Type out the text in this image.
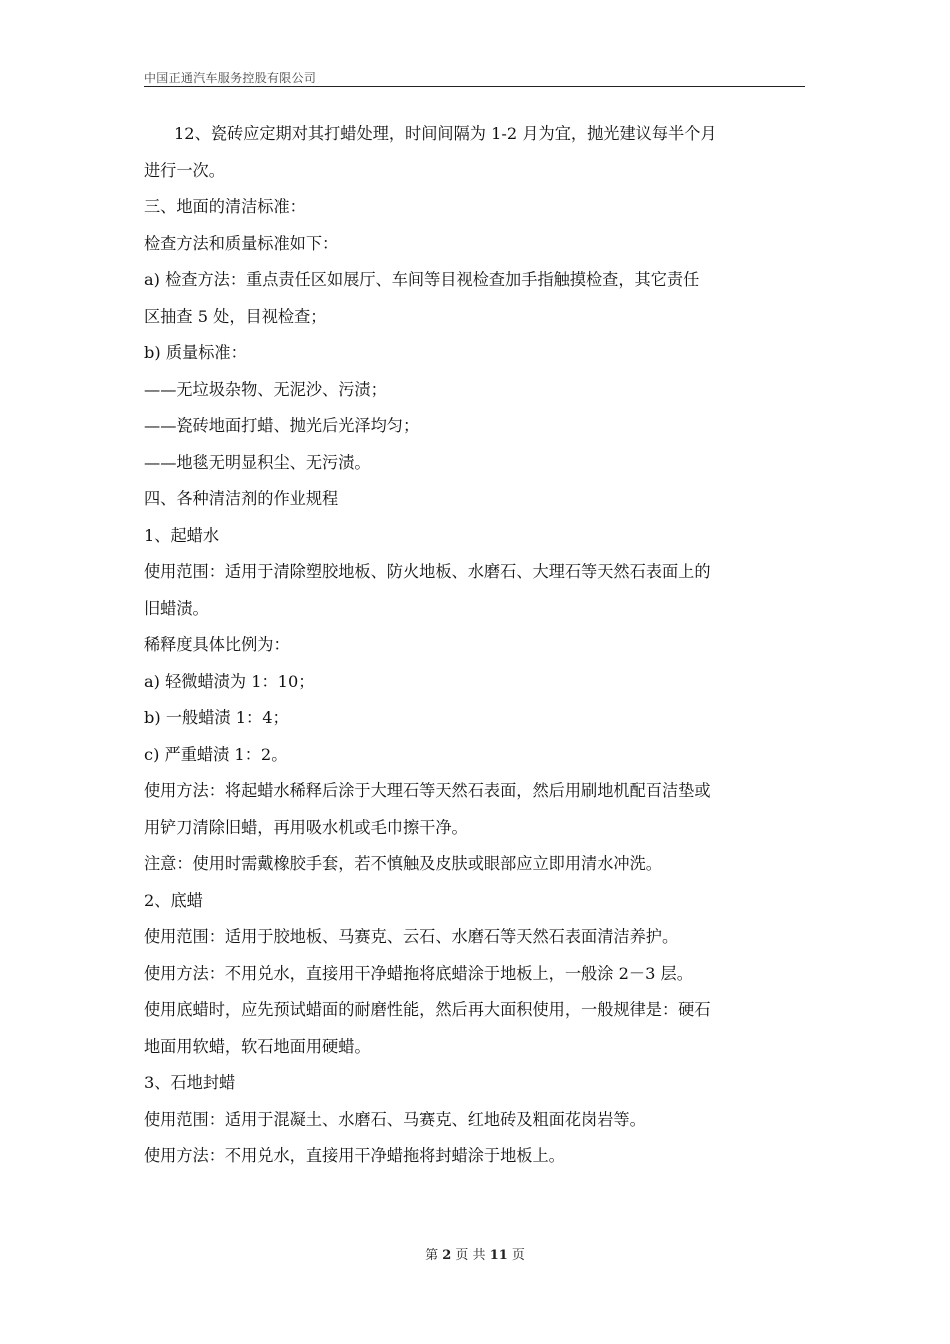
中国正通汽车服务控股有限公司
12、瓷砖应定期对其打蜡处理，时间间隔为 1-2 月为宜，抛光建议每半个月
进行一次。
三、地面的清洁标准：
检查方法和质量标准如下：
a) 检查方法：重点责任区如展厅、车间等目视检查加手指触摸检查，其它责任
区抽查 5 处，目视检查；
b) 质量标准：
——无垃圾杂物、无泥沙、污渍；
——瓷砖地面打蜡、抛光后光泽均匀；
——地毯无明显积尘、无污渍。
四、各种清洁剂的作业规程
1、起蜡水
使用范围：适用于清除塑胶地板、防火地板、水磨石、大理石等天然石表面上的
旧蜡渍。
稀释度具体比例为：
a) 轻微蜡渍为 1：10；
b) 一般蜡渍 1：4；
c) 严重蜡渍 1：2。
使用方法：将起蜡水稀释后涂于大理石等天然石表面，然后用刷地机配百洁垫或
用铲刀清除旧蜡，再用吸水机或毛巾擦干净。
注意：使用时需戴橡胶手套，若不慎触及皮肤或眼部应立即用清水冲洗。
2、底蜡
使用范围：适用于胶地板、马赛克、云石、水磨石等天然石表面清洁养护。
使用方法：不用兑水，直接用干净蜡拖将底蜡涂于地板上，一般涂 2－3 层。
使用底蜡时，应先预试蜡面的耐磨性能，然后再大面积使用，一般规律是：硬石
地面用软蜡，软石地面用硬蜡。
3、石地封蜡
使用范围：适用于混凝土、水磨石、马赛克、红地砖及粗面花岗岩等。
使用方法：不用兑水，直接用干净蜡拖将封蜡涂于地板上。
第 2 页 共 11 页
